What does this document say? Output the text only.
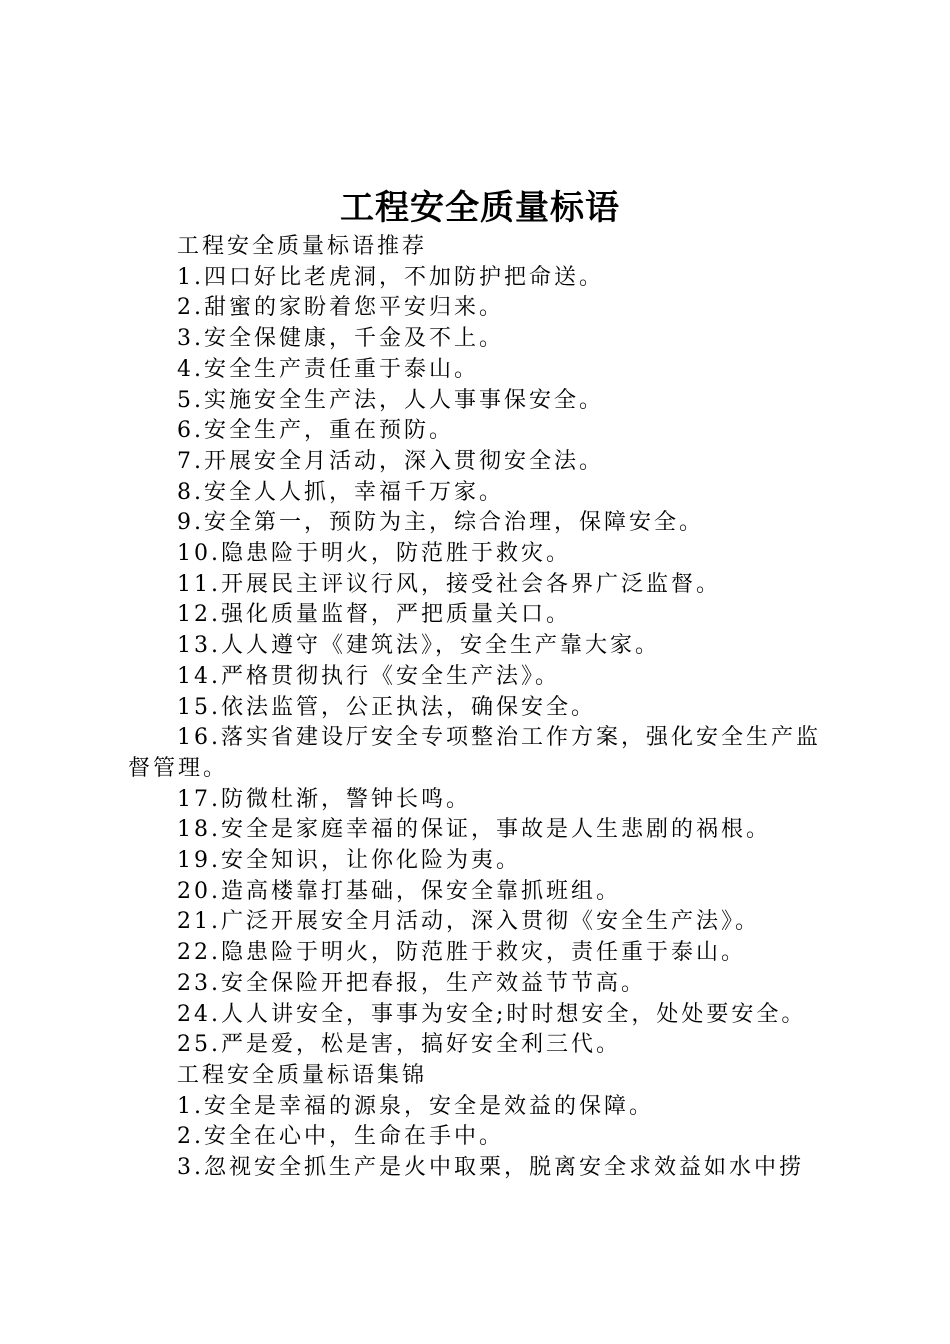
工程安全质量标语
工程安全质量标语推荐
1.四口好比老虎洞，不加防护把命送。
2.甜蜜的家盼着您平安归来。
3.安全保健康，千金及不上。
4.安全生产责任重于泰山。
5.实施安全生产法，人人事事保安全。
6.安全生产，重在预防。
7.开展安全月活动，深入贯彻安全法。
8.安全人人抓，幸福千万家。
9.安全第一，预防为主，综合治理，保障安全。
10.隐患险于明火，防范胜于救灾。
11.开展民主评议行风，接受社会各界广泛监督。
12.强化质量监督，严把质量关口。
13.人人遵守《建筑法》，安全生产靠大家。
14.严格贯彻执行《安全生产法》。
15.依法监管，公正执法，确保安全。
16.落实省建设厅安全专项整治工作方案，强化安全生产监
督管理。
17.防微杜渐，警钟长鸣。
18.安全是家庭幸福的保证，事故是人生悲剧的祸根。
19.安全知识，让你化险为夷。
20.造高楼靠打基础，保安全靠抓班组。
21.广泛开展安全月活动，深入贯彻《安全生产法》。
22.隐患险于明火，防范胜于救灾，责任重于泰山。
23.安全保险开把春报，生产效益节节高。
24.人人讲安全，事事为安全;时时想安全，处处要安全。
25.严是爱，松是害，搞好安全利三代。
工程安全质量标语集锦
1.安全是幸福的源泉，安全是效益的保障。
2.安全在心中，生命在手中。
3.忽视安全抓生产是火中取栗，脱离安全求效益如水中捞
